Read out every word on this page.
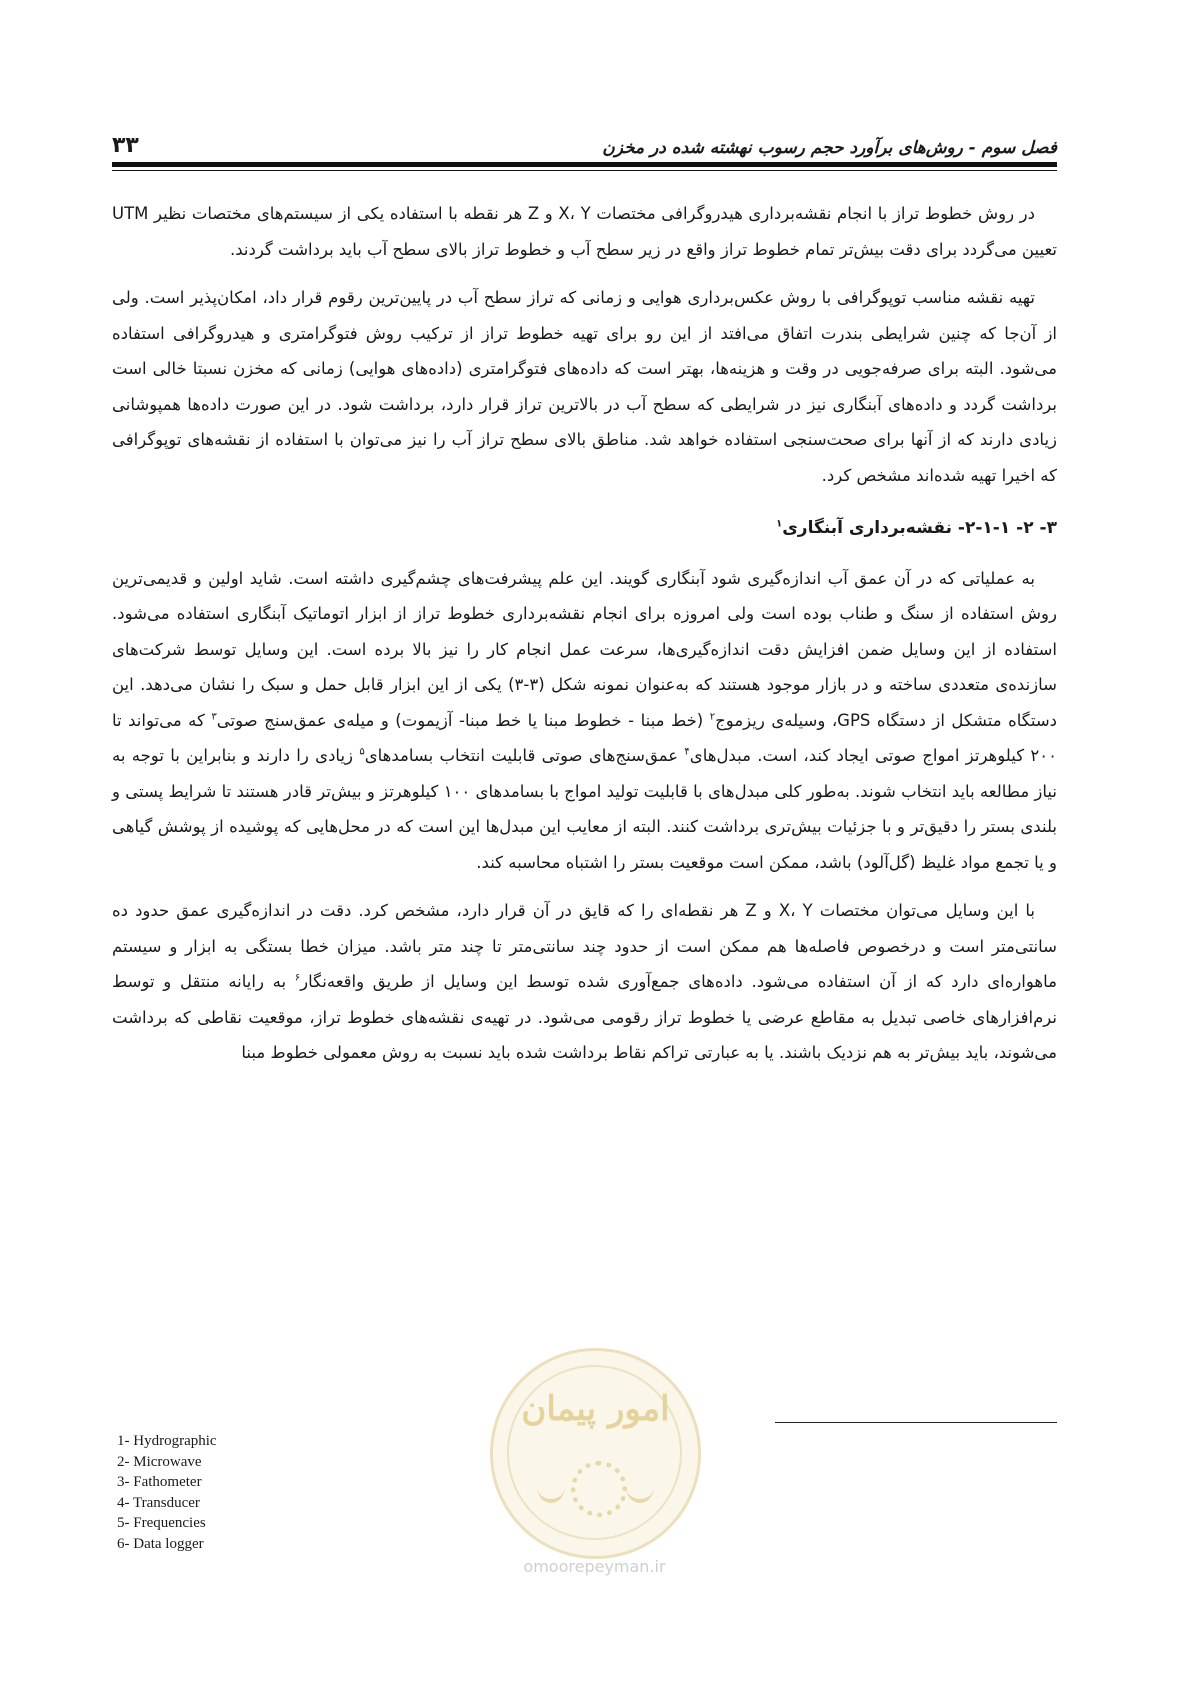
فصل سوم - روش‌های برآورد حجم رسوب نهشته شده در مخزن
۳۳

در روش خطوط تراز با انجام نقشه‌برداری هیدروگرافی مختصات X، Y و Z هر نقطه با استفاده یکی از سیستم‌های مختصات نظیر UTM تعیین می‌گردد برای دقت بیش‌تر تمام خطوط تراز واقع در زیر سطح آب و خطوط تراز بالای سطح آب باید برداشت گردند.

تهیه نقشه مناسب توپوگرافی با روش عکس‌برداری هوایی و زمانی که تراز سطح آب در پایین‌ترین رقوم قرار داد، امکان‌پذیر است. ولی از آن‌جا که چنین شرایطی بندرت اتفاق می‌افتد از این رو برای تهیه خطوط تراز از ترکیب روش فتوگرامتری و هیدروگرافی استفاده می‌شود. البته برای صرفه‌جویی در وقت و هزینه‌ها، بهتر است که داده‌های فتوگرامتری (داده‌های هوایی) زمانی که مخزن نسبتا خالی است برداشت گردد و داده‌های آبنگاری نیز در شرایطی که سطح آب در بالاترین تراز قرار دارد، برداشت شود. در این صورت داده‌ها همپوشانی زیادی دارند که از آنها برای صحت‌سنجی استفاده خواهد شد. مناطق بالای سطح تراز آب را نیز می‌توان با استفاده از نقشه‌های توپوگرافی که اخیرا تهیه شده‌اند مشخص کرد.

۳- ۲- ۲-۱-۱- نقشه‌برداری آبنگاری$^۱$

به عملیاتی که در آن عمق آب اندازه‌گیری شود آبنگاری گویند. این علم پیشرفت‌های چشم‌گیری داشته است. شاید اولین و قدیمی‌ترین روش استفاده از سنگ و طناب بوده است ولی امروزه برای انجام نقشه‌برداری خطوط تراز از ابزار اتوماتیک آبنگاری استفاده می‌شود. استفاده از این وسایل ضمن افزایش دقت اندازه‌گیری‌ها، سرعت عمل انجام کار را نیز بالا برده است. این وسایل توسط شرکت‌های سازنده‌ی متعددی ساخته و در بازار موجود هستند که به‌عنوان نمونه شکل (۳-۳) یکی از این ابزار قابل حمل و سبک را نشان می‌دهد. این دستگاه متشکل از دستگاه GPS، وسیله‌ی ریزموج$^۲$ (خط مبنا - خطوط مبنا یا خط مبنا- آزیموت) و میله‌ی عمق‌سنج صوتی$^۳$ که می‌تواند تا ۲۰۰ کیلوهرتز امواج صوتی ایجاد کند، است. مبدل‌های$^۴$ عمق‌سنج‌های صوتی قابلیت انتخاب بسامدهای$^۵$ زیادی را دارند و بنابراین با توجه به نیاز مطالعه باید انتخاب شوند. به‌طور کلی مبدل‌های با قابلیت تولید امواج با بسامدهای ۱۰۰ کیلوهرتز و بیش‌تر قادر هستند تا شرایط پستی و بلندی بستر را دقیق‌تر و با جزئیات بیش‌تری برداشت کنند. البته از معایب این مبدل‌ها این است که در محل‌هایی که پوشیده از پوشش گیاهی و یا تجمع مواد غلیظ (گل‌آلود) باشد، ممکن است موقعیت بستر را اشتباه محاسبه کند.

با این وسایل می‌توان مختصات X، Y و Z هر نقطه‌ای را که قایق در آن قرار دارد، مشخص کرد. دقت در اندازه‌گیری عمق حدود ده سانتی‌متر است و درخصوص فاصله‌ها هم ممکن است از حدود چند سانتی‌متر تا چند متر باشد. میزان خطا بستگی به ابزار و سیستم ماهواره‌ای دارد که از آن استفاده می‌شود. داده‌های جمع‌آوری شده توسط این وسایل از طریق واقعه‌نگار$^۶$ به رایانه منتقل و توسط نرم‌افزارهای خاصی تبدیل به مقاطع عرضی یا خطوط تراز رقومی می‌شود. در تهیه‌ی نقشه‌های خطوط تراز، موقعیت نقاطی که برداشت می‌شوند، باید بیش‌تر به هم نزدیک باشند. یا به عبارتی تراکم نقاط برداشت شده باید نسبت به روش معمولی خطوط مبنا

امور پیمان
omoorepeyman.ir
1- Hydrographic
2- Microwave
3- Fathometer
4- Transducer
5- Frequencies
6- Data logger
